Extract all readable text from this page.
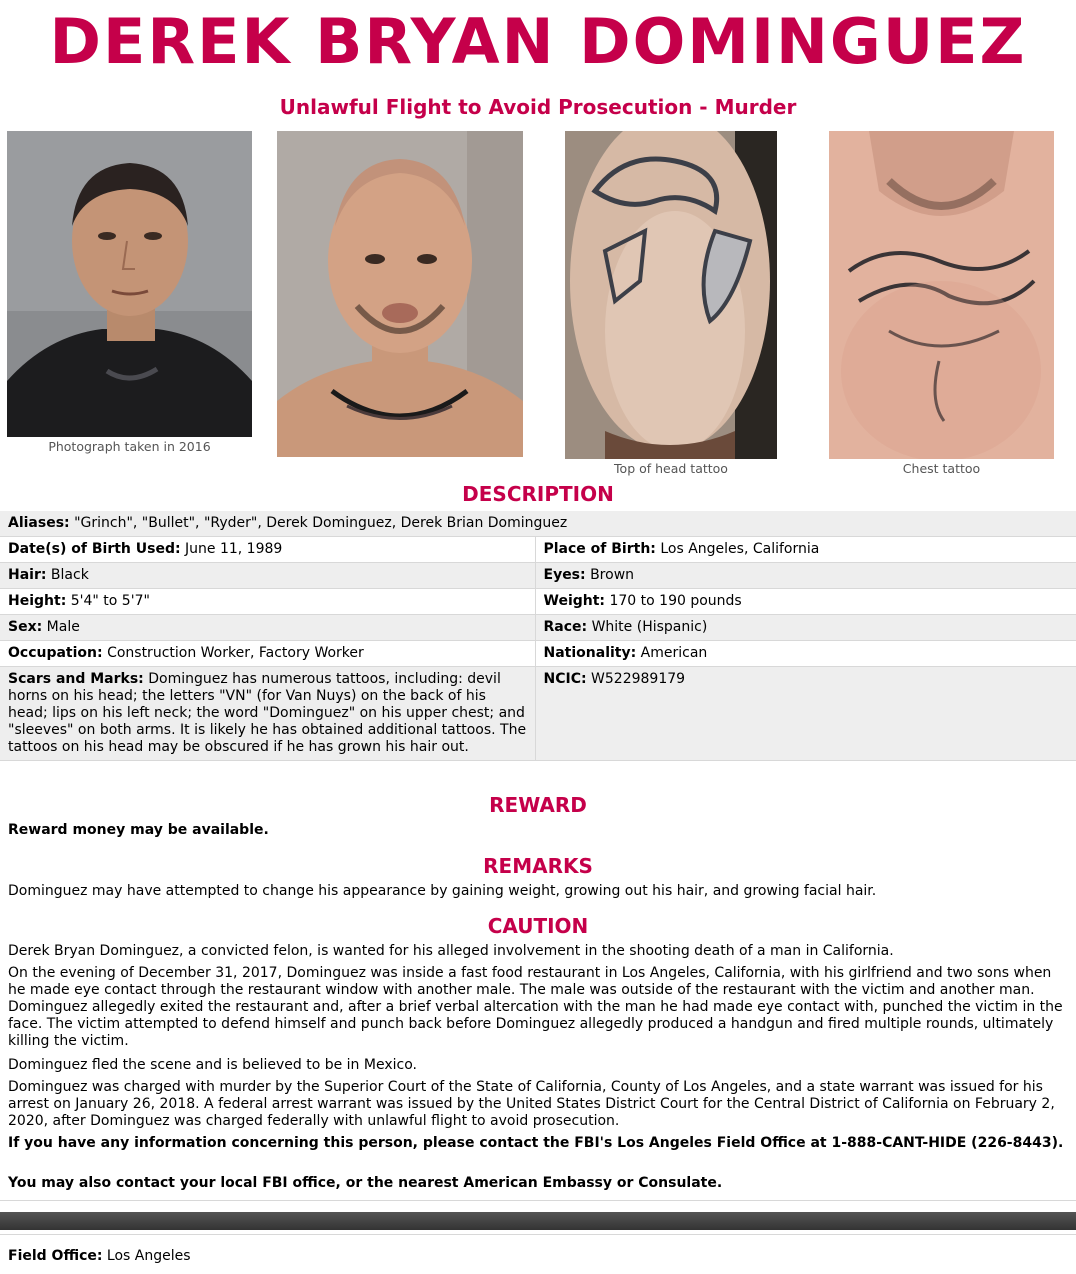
DEREK BRYAN DOMINGUEZ
Unlawful Flight to Avoid Prosecution - Murder
Photograph taken in 2016
Top of head tattoo	Chest tattoo
DESCRIPTION
Aliases: "Grinch", "Bullet", "Ryder", Derek Dominguez, Derek Brian Dominguez	
Date(s) of Birth Used: June 11, 1989	Place of Birth: Los Angeles, California
Hair: Black	Eyes: Brown
Height: 5'4" to 5'7"	Weight: 170 to 190 pounds
Sex: Male	Race: White (Hispanic)
Occupation: Construction Worker, Factory Worker	Nationality: American
Scars and Marks: Dominguez has numerous tattoos, including: devil horns on his head; the letters "VN" (for Van Nuys) on the back of his head; lips on his left neck; the word "Dominguez" on his upper chest; and "sleeves" on both arms. It is likely he has obtained additional tattoos. The tattoos on his head may be obscured if he has grown his hair out.	NCIC: W522989179
REWARD
Reward money may be available.
REMARKS
Dominguez may have attempted to change his appearance by gaining weight, growing out his hair, and growing facial hair.
CAUTION
Derek Bryan Dominguez, a convicted felon, is wanted for his alleged involvement in the shooting death of a man in California.
On the evening of December 31, 2017, Dominguez was inside a fast food restaurant in Los Angeles, California, with his girlfriend and two sons when he made eye contact through the restaurant window with another male. The male was outside of the restaurant with the victim and another man. Dominguez allegedly exited the restaurant and, after a brief verbal altercation with the man he had made eye contact with, punched the victim in the face. The victim attempted to defend himself and punch back before Dominguez allegedly produced a handgun and fired multiple rounds, ultimately killing the victim.
Dominguez fled the scene and is believed to be in Mexico.
Dominguez was charged with murder by the Superior Court of the State of California, County of Los Angeles, and a state warrant was issued for his arrest on January 26, 2018. A federal arrest warrant was issued by the United States District Court for the Central District of California on February 2, 2020, after Dominguez was charged federally with unlawful flight to avoid prosecution.
If you have any information concerning this person, please contact the FBI's Los Angeles Field Office at 1-888-CANT-HIDE (226-8443).
You may also contact your local FBI office, or the nearest American Embassy or Consulate.
Field Office: Los Angeles
